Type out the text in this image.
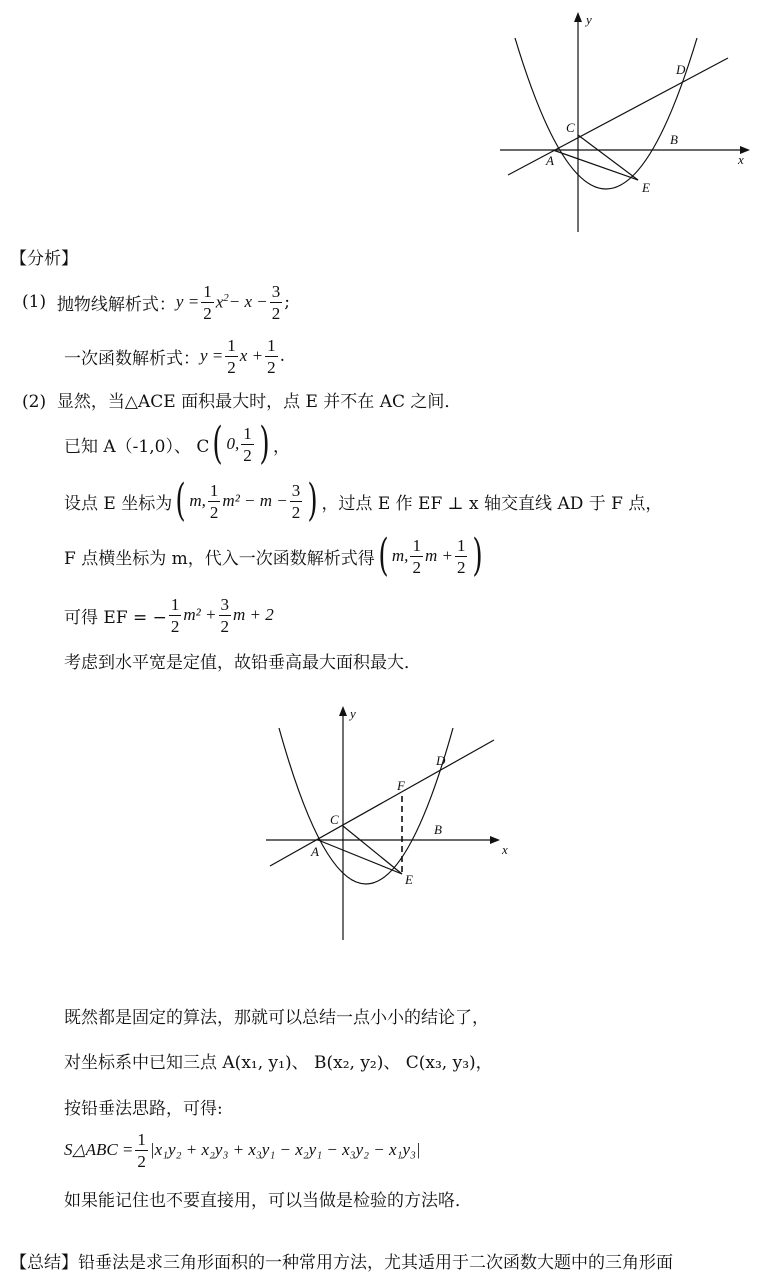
y
x
A
B
C
D
E
【分析】
(1)
抛物线解析式： $y = \frac{1}{2} x^2 - x - \frac{3}{2}$ ;
一次函数解析式： $y = \frac{1}{2}$ $x + \frac{1}{2}$ .
(2) 显然，当△ACE 面积最大时，点 E 并不在 AC 之间．
已知 A（-1,0）、 C ( 0, $\frac{1}{2}$ ) ，
设点 E 坐标为 ( m, $\frac{1}{2} m^2 - m - \frac{3}{2}$ ) ，过点 E 作 EF ⊥ x 轴交直线 AD 于 F 点，
F 点横坐标为 m，代入一次函数解析式得 ( m, $\frac{1}{2}$ $m + \frac{1}{2}$ )
可得 EF = − $\frac{1}{2} m^2 + \frac{3}{2}$ m + 2
考虑到水平宽是定值，故铅垂高最大面积最大．
y
x
A
B
C
D
E
F
既然都是固定的算法，那就可以总结一点小小的结论了，
对坐标系中已知三点 A(x₁, y₁)、 B(x₂, y₂)、 C(x₃, y₃)，
按铅垂法思路，可得:
S△ABC = $\frac{1}{2} |x_1y_2 + x_2y_3 + x_3y_1 - x_2y_1 - x_3y_2 - x_1y_3|$
如果能记住也不要直接用，可以当做是检验的方法咯．
【总结】铅垂法是求三角形面积的一种常用方法，尤其适用于二次函数大题中的三角形面
